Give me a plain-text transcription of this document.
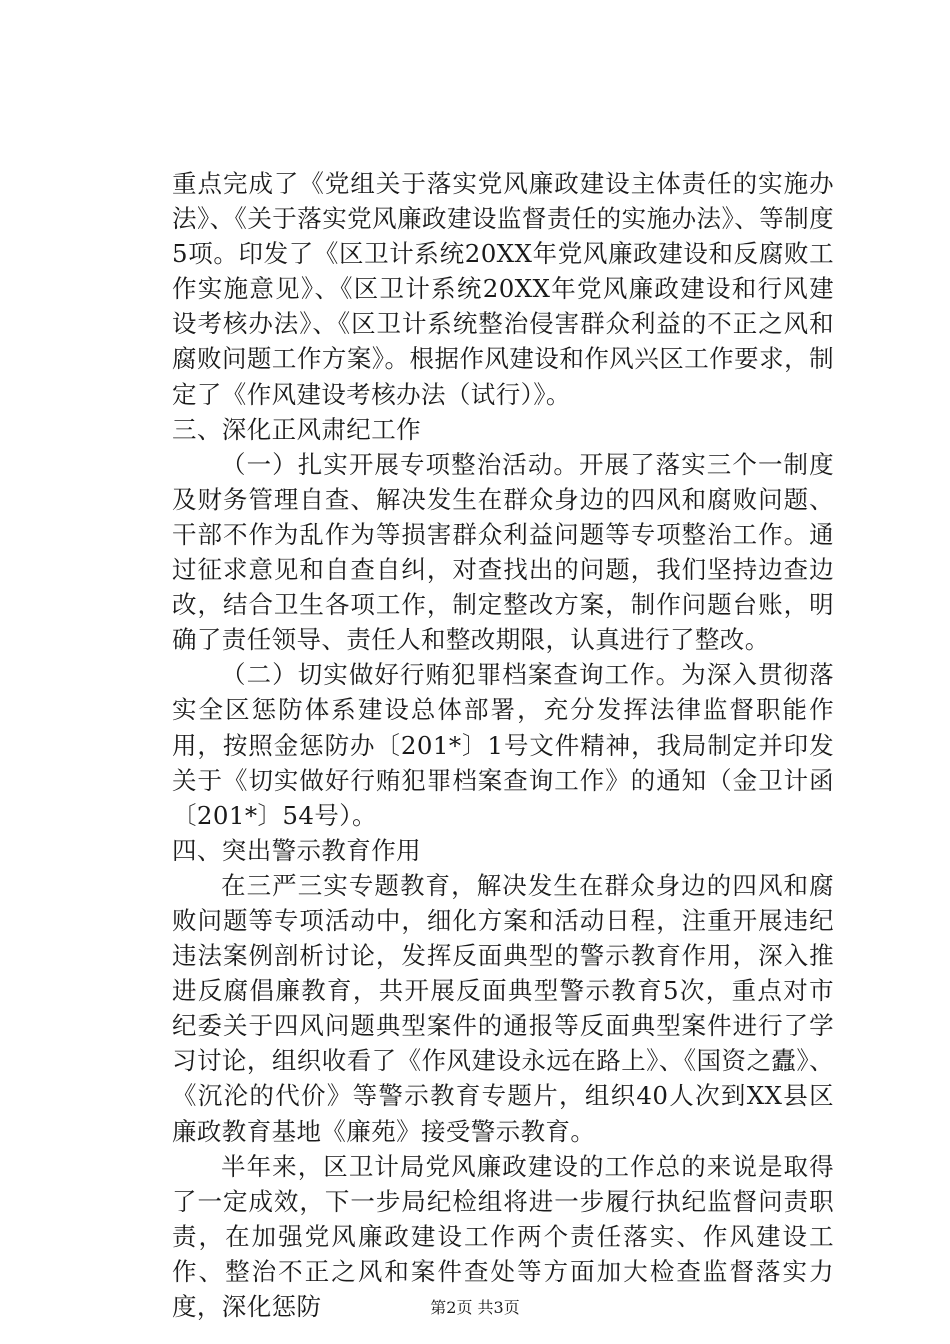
重点完成了《党组关于落实党风廉政建设主体责任的实施办法》、《关于落实党风廉政建设监督责任的实施办法》、等制度5项。印发了《区卫计系统20XX年党风廉政建设和反腐败工作实施意见》、《区卫计系统20XX年党风廉政建设和行风建设考核办法》、《区卫计系统整治侵害群众利益的不正之风和腐败问题工作方案》。根据作风建设和作风兴区工作要求，制定了《作风建设考核办法（试行）》。

三、深化正风肃纪工作

（一）扎实开展专项整治活动。开展了落实三个一制度及财务管理自查、解决发生在群众身边的四风和腐败问题、干部不作为乱作为等损害群众利益问题等专项整治工作。通过征求意见和自查自纠，对查找出的问题，我们坚持边查边改，结合卫生各项工作，制定整改方案，制作问题台账，明确了责任领导、责任人和整改期限，认真进行了整改。

（二）切实做好行贿犯罪档案查询工作。为深入贯彻落实全区惩防体系建设总体部署，充分发挥法律监督职能作用，按照金惩防办〔201*〕1号文件精神，我局制定并印发关于《切实做好行贿犯罪档案查询工作》的通知（金卫计函〔201*〕54号）。

四、突出警示教育作用

在三严三实专题教育，解决发生在群众身边的四风和腐败问题等专项活动中，细化方案和活动日程，注重开展违纪违法案例剖析讨论，发挥反面典型的警示教育作用，深入推进反腐倡廉教育，共开展反面典型警示教育5次，重点对市纪委关于四风问题典型案件的通报等反面典型案件进行了学习讨论，组织收看了《作风建设永远在路上》、《国资之蠹》、《沉沦的代价》等警示教育专题片，组织40人次到XX县区廉政教育基地《廉苑》接受警示教育。

半年来，区卫计局党风廉政建设的工作总的来说是取得了一定成效，下一步局纪检组将进一步履行执纪监督问责职责，在加强党风廉政建设工作两个责任落实、作风建设工作、整治不正之风和案件查处等方面加大检查监督落实力度，深化惩防	第2页 共3页
